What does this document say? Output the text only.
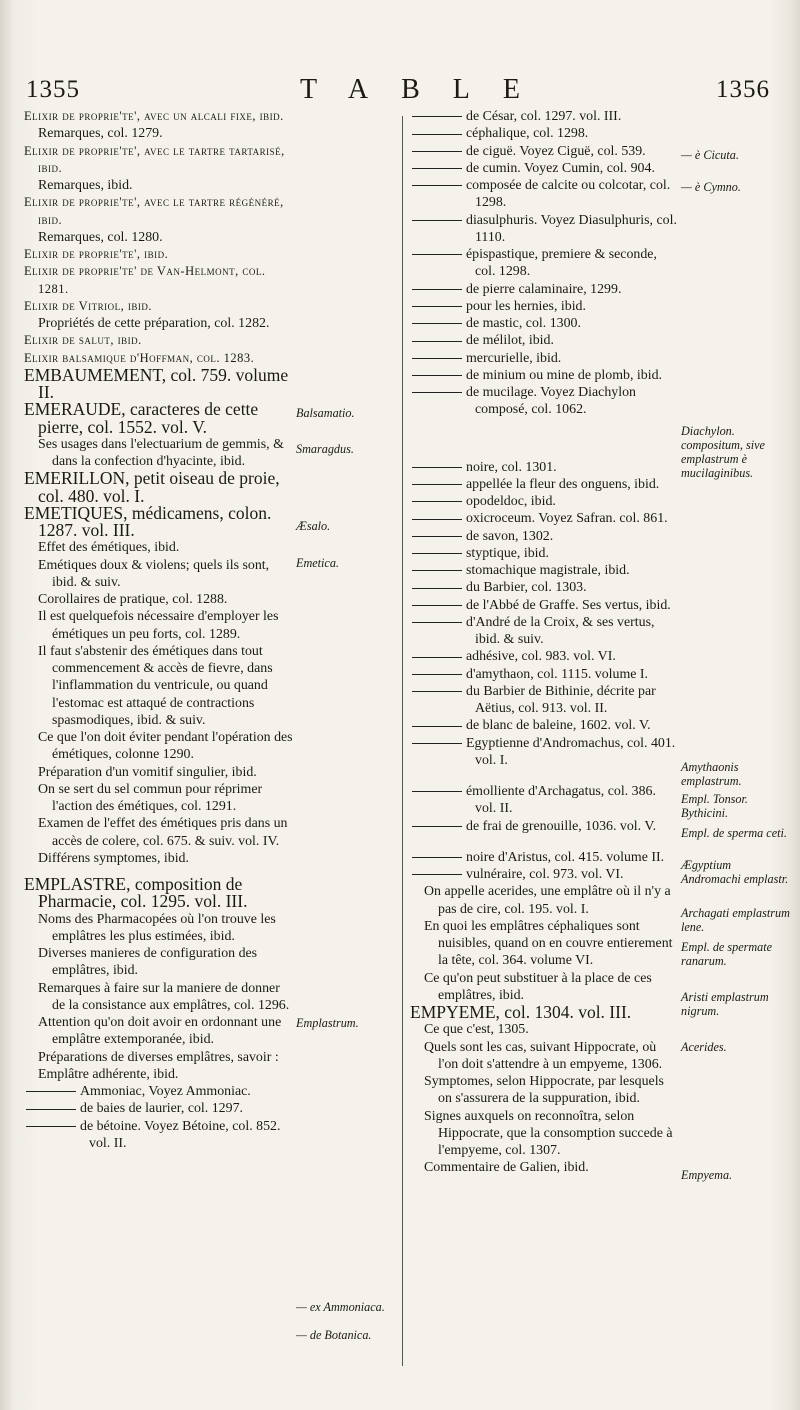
1355	TABLE	1356
Elixir de proprie'te', avec un alcali fixe, ibid.
Remarques, col. 1279.
Elixir de proprie'te', avec le tartre tartarisé, ibid.
Remarques, ibid.
Elixir de proprie'te', avec le tartre régénéré, ibid.
Remarques, col. 1280.
Elixir de proprie'te', ibid.
Elixir de proprie'te' de Van-Helmont, col. 1281.
Elixir de Vitriol, ibid.
Propriétés de cette préparation, col. 1282.
Elixir de salut, ibid.
Elixir balsamique d'Hoffman, col. 1283.
EMBAUMEMENT, col. 759. volume II.
EMERAUDE, caracteres de cette pierre, col. 1552. vol. V.
Ses usages dans l'electuarium de gemmis, & dans la confection d'hyacinte, ibid.
EMERILLON, petit oiseau de proie, col. 480. vol. I.
EMETIQUES, médicamens, colon. 1287. vol. III.
Effet des émétiques, ibid.
Emétiques doux & violens; quels ils sont, ibid. & suiv.
Corollaires de pratique, col. 1288.
Il est quelquefois nécessaire d'employer les émétiques un peu forts, col. 1289.
Il faut s'abstenir des émétiques dans tout commencement & accès de fievre, dans l'inflammation du ventricule, ou quand l'estomac est attaqué de contractions spasmodiques, ibid. & suiv.
Ce que l'on doit éviter pendant l'opération des émétiques, colonne 1290.
Préparation d'un vomitif singulier, ibid.
On se sert du sel commun pour réprimer l'action des émétiques, col. 1291.
Examen de l'effet des émétiques pris dans un accès de colere, col. 675. & suiv. vol. IV.
Différens symptomes, ibid.
EMPLASTRE, composition de Pharmacie, col. 1295. vol. III.
Noms des Pharmacopées où l'on trouve les emplâtres les plus estimées, ibid.
Diverses manieres de configuration des emplâtres, ibid.
Remarques à faire sur la maniere de donner de la consistance aux emplâtres, col. 1296.
Attention qu'on doit avoir en ordonnant une emplâtre extemporanée, ibid.
Préparations de diverses emplâtres, savoir :
Emplâtre adhérente, ibid.
Ammoniac, Voyez Ammoniac.
de baies de laurier, col. 1297.
de bétoine. Voyez Bétoine, col. 852. vol. II.
de César, col. 1297. vol. III.
céphalique, col. 1298.
de ciguë. Voyez Ciguë, col. 539.
de cumin. Voyez Cumin, col. 904.
composée de calcite ou colcotar, col. 1298.
diasulphuris. Voyez Diasulphuris, col. 1110.
épispastique, premiere & seconde, col. 1298.
de pierre calaminaire, 1299.
pour les hernies, ibid.
de mastic, col. 1300.
de mélilot, ibid.
mercurielle, ibid.
de minium ou mine de plomb, ibid.
de mucilage. Voyez Diachylon composé, col. 1062.
noire, col. 1301.
appellée la fleur des onguens, ibid.
opodeldoc, ibid.
oxicroceum. Voyez Safran. col. 861.
de savon, 1302.
styptique, ibid.
stomachique magistrale, ibid.
du Barbier, col. 1303.
de l'Abbé de Graffe. Ses vertus, ibid.
d'André de la Croix, & ses vertus, ibid. & suiv.
adhésive, col. 983. vol. VI.
d'amythaon, col. 1115. volume I.
du Barbier de Bithinie, décrite par Aëtius, col. 913. vol. II.
de blanc de baleine, 1602. vol. V.
Egyptienne d'Andromachus, col. 401. vol. I.
émolliente d'Archagatus, col. 386. vol. II.
de frai de grenouille, 1036. vol. V.
noire d'Aristus, col. 415. volume II.
vulnéraire, col. 973. vol. VI.
On appelle acerides, une emplâtre où il n'y a pas de cire, col. 195. vol. I.
En quoi les emplâtres céphaliques sont nuisibles, quand on en couvre entierement la tête, col. 364. volume VI.
Ce qu'on peut substituer à la place de ces emplâtres, ibid.
EMPYEME, col. 1304. vol. III.
Ce que c'est, 1305.
Quels sont les cas, suivant Hippocrate, où l'on doit s'attendre à un empyeme, 1306.
Symptomes, selon Hippocrate, par lesquels on s'assurera de la suppuration, ibid.
Signes auxquels on reconnoîtra, selon Hippocrate, que la consomption succede à l'empyeme, col. 1307.
Commentaire de Galien, ibid.
Balsamatio.
Smaragdus.
Æsalo.
Emetica.
Emplastrum.
— ex Ammoniaca.
— de Botanica.
— è Cicuta.
— è Cymno.
Diachylon. compositum, sive emplastrum è mucilaginibus.
Amythaonis emplastrum.
Empl. Tonsor. Bythicini.
Empl. de sperma ceti.
Ægyptium Andromachi emplastr.
Archagati emplastrum lene.
Empl. de spermate ranarum.
Aristi emplastrum nigrum.
Acerides.
Empyema.
